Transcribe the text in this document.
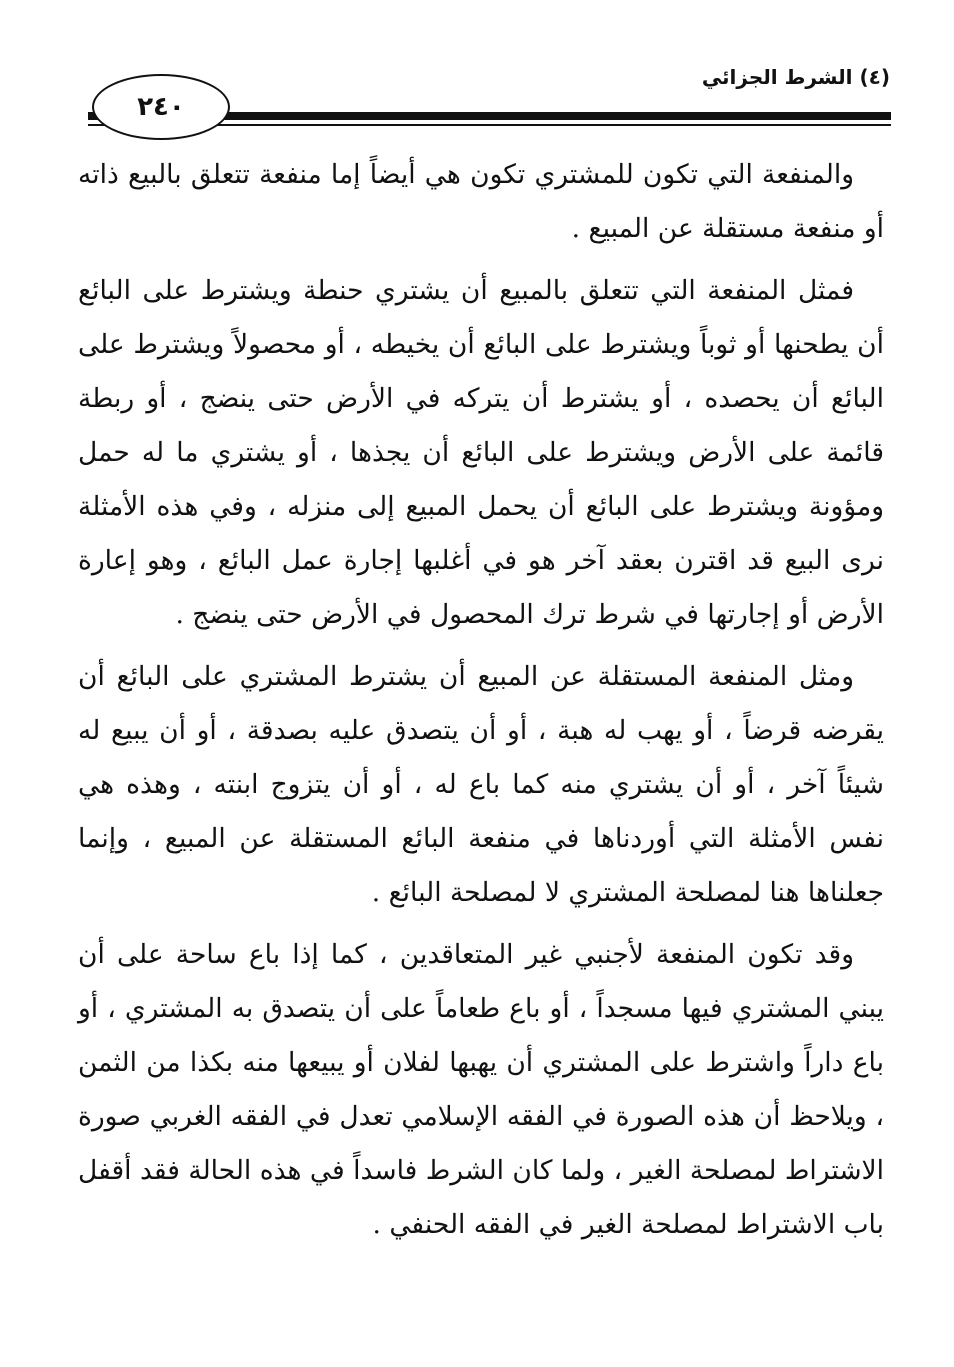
(٤) الشرط الجزائي
٢٤٠

والمنفعة التي تكون للمشتري تكون هي أيضاً إما منفعة تتعلق بالبيع ذاته أو منفعة مستقلة عن المبيع .

فمثل المنفعة التي تتعلق بالمبيع أن يشتري حنطة ويشترط على البائع أن يطحنها أو ثوباً ويشترط على البائع أن يخيطه ، أو محصولاً ويشترط على البائع أن يحصده ، أو يشترط أن يتركه في الأرض حتى ينضج ، أو ربطة قائمة على الأرض ويشترط على البائع أن يجذها ، أو يشتري ما له حمل ومؤونة ويشترط على البائع أن يحمل المبيع إلى منزله ، وفي هذه الأمثلة نرى البيع قد اقترن بعقد آخر هو في أغلبها إجارة عمل البائع ، وهو إعارة الأرض أو إجارتها في شرط ترك المحصول في الأرض حتى ينضج .

ومثل المنفعة المستقلة عن المبيع أن يشترط المشتري على البائع أن يقرضه قرضاً ، أو يهب له هبة ، أو أن يتصدق عليه بصدقة ، أو أن يبيع له شيئاً آخر ، أو أن يشتري منه كما باع له ، أو أن يتزوج ابنته ، وهذه هي نفس الأمثلة التي أوردناها في منفعة البائع المستقلة عن المبيع ، وإنما جعلناها هنا لمصلحة المشتري لا لمصلحة البائع .

وقد تكون المنفعة لأجنبي غير المتعاقدين ، كما إذا باع ساحة على أن يبني المشتري فيها مسجداً ، أو باع طعاماً على أن يتصدق به المشتري ، أو باع داراً واشترط على المشتري أن يهبها لفلان أو يبيعها منه بكذا من الثمن ، ويلاحظ أن هذه الصورة في الفقه الإسلامي تعدل في الفقه الغربي صورة الاشتراط لمصلحة الغير ، ولما كان الشرط فاسداً في هذه الحالة فقد أقفل باب الاشتراط لمصلحة الغير في الفقه الحنفي .
